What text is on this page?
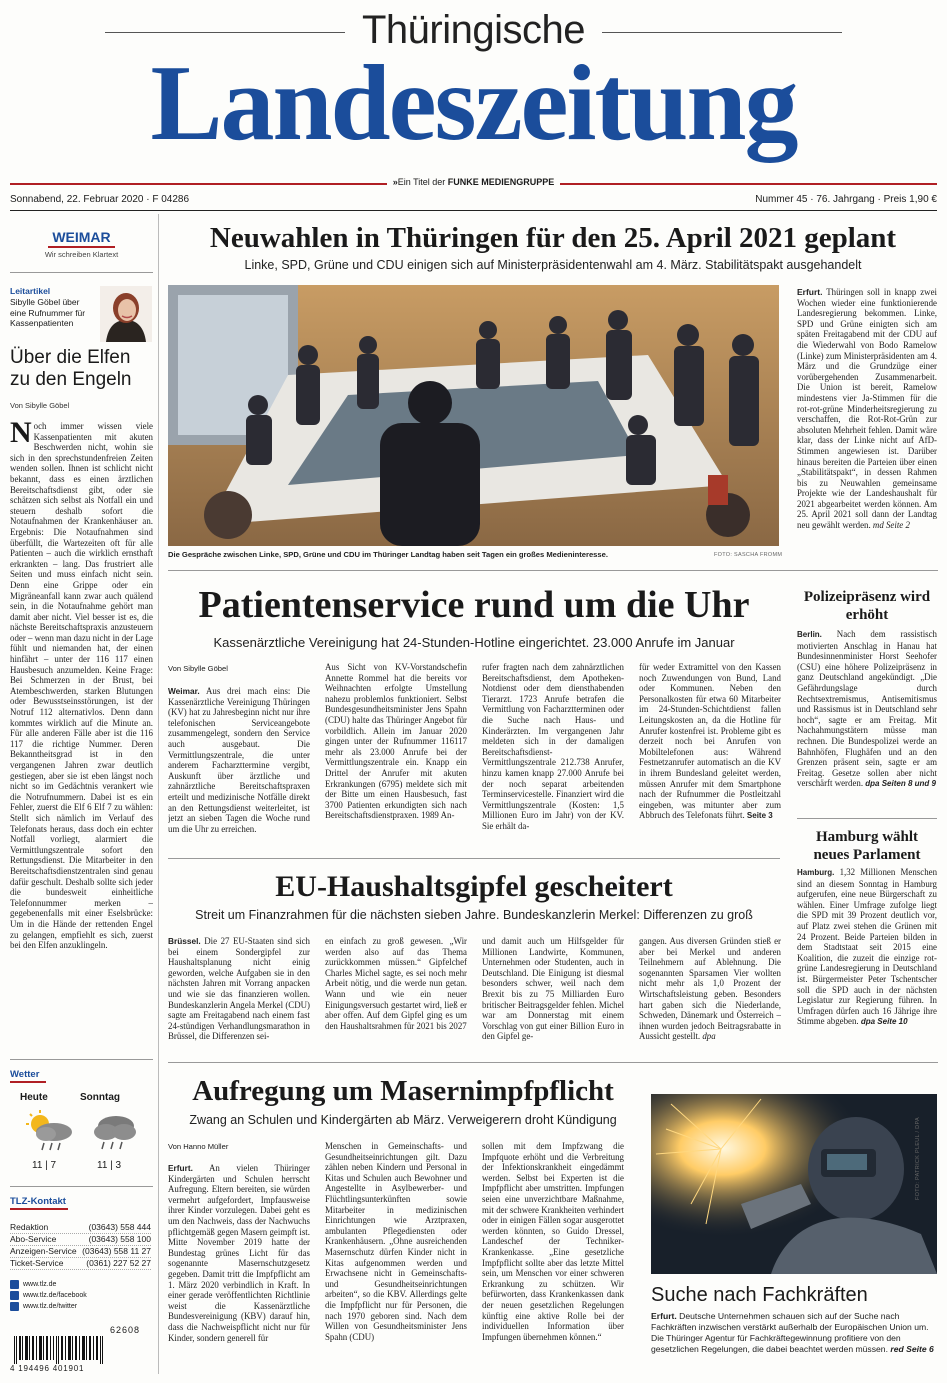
Thüringische
Landeszeitung
»Ein Titel der FUNKE MEDIENGRUPPE
Sonnabend, 22. Februar 2020 · F 04286	Nummer 45 · 76. Jahrgang · Preis 1,90 €
WEIMAR
Wir schreiben Klartext
Leitartikel
Sibylle Göbel über eine Rufnummer für Kassenpatienten
Über die Elfen zu den Engeln
Von Sibylle Göbel
N och immer wissen viele Kassenpatienten mit akuten Beschwerden nicht, wohin sie sich in den sprechstundenfreien Zeiten wenden sollen. Ihnen ist schlicht nicht bekannt, dass es einen ärztlichen Bereitschaftsdienst gibt, oder sie schätzen sich selbst als Notfall ein und steuern deshalb sofort die Notaufnahmen der Krankenhäuser an. Ergebnis: Die Notaufnahmen sind überfüllt, die Wartezeiten oft für alle Patienten – auch die wirklich ernsthaft erkrankten – lang. Das frustriert alle Seiten und muss einfach nicht sein. Denn eine Grippe oder ein Migräneanfall kann zwar auch quälend sein, in die Notaufnahme gehört man damit aber nicht. Viel besser ist es, die nächste Bereitschaftspraxis anzusteuern oder – wenn man dazu nicht in der Lage fühlt und niemanden hat, der einen hinfährt – unter der 116 117 einen Hausbesuch anzumelden. Keine Frage: Bei Schmerzen in der Brust, bei Atembeschwerden, starken Blutungen oder Bewusstseinsstörungen, ist der Notruf 112 alternativlos. Denn dann kommtes wirklich auf die Minute an. Für alle anderen Fälle aber ist die 116 117 die richtige Nummer. Deren Bekanntheitsgrad ist in den vergangenen Jahren zwar deutlich gestiegen, aber sie ist eben längst noch nicht so im Gedächtnis verankert wie die Notrufnummern. Dabei ist es ein Fehler, zuerst die Elf 6 Elf 7 zu wählen: Stellt sich nämlich im Verlauf des Telefonats heraus, dass doch ein echter Notfall vorliegt, alarmiert die Vermittlungszentrale sofort den Rettungsdienst. Die Mitarbeiter in den Bereitschaftsdienstzentralen sind genau dafür geschult. Deshalb sollte sich jeder die bundesweit einheitliche Telefonnummer merken – gegebenenfalls mit einer Eselsbrücke: Um in die Hände der rettenden Engel zu gelangen, empfiehlt es sich, zuerst bei den Elfen anzuklingeln.
Wetter
Heute	Sonntag
11 | 7	11 | 3
TLZ-Kontakt
Redaktion	(03643) 558 444
Abo-Service	(03643) 558 100
Anzeigen-Service (03643) 558 11 27
Ticket-Service	(0361) 227 52 27
www.tlz.de
www.tlz.de/facebook
www.tlz.de/twitter
62608
4 194496 401901
Neuwahlen in Thüringen für den 25. April 2021 geplant
Linke, SPD, Grüne und CDU einigen sich auf Ministerpräsidentenwahl am 4. März. Stabilitätspakt ausgehandelt
Die Gespräche zwischen Linke, SPD, Grüne und CDU im Thüringer Landtag haben seit Tagen ein großes Medieninteresse.	FOTO: SASCHA FROMM
Erfurt. Thüringen soll in knapp zwei Wochen wieder eine funktionierende Landesregierung bekommen. Linke, SPD und Grüne einigten sich am späten Freitagabend mit der CDU auf die Wiederwahl von Bodo Ramelow (Linke) zum Ministerpräsidenten am 4. März und die Grundzüge einer vorübergehenden Zusammenarbeit. Die Union ist bereit, Ramelow mindestens vier Ja-Stimmen für die rot-rot-grüne Minderheitsregierung zu verschaffen, die Rot-Rot-Grün zur absoluten Mehrheit fehlen. Damit wäre klar, dass der Linke nicht auf AfD-Stimmen angewiesen ist. Darüber hinaus bereiten die Parteien über einen „Stabilitätspakt“, in dessen Rahmen bis zu Neuwahlen gemeinsame Projekte wie der Landeshaushalt für 2021 abgearbeitet werden können. Am 25. April 2021 soll dann der Landtag neu gewählt werden. md Seite 2
Patientenservice rund um die Uhr
Kassenärztliche Vereinigung hat 24-Stunden-Hotline eingerichtet. 23.000 Anrufe im Januar
Von Sibylle Göbel
Weimar. Aus drei mach eins: Die Kassenärztliche Vereinigung Thüringen (KV) hat zu Jahresbeginn nicht nur ihre telefonischen Serviceangebote zusammengelegt, sondern den Service auch ausgebaut. Die Vermittlungszentrale, die unter anderem Facharzttermine vergibt, Auskunft über ärztliche und zahnärztliche Bereitschaftspraxen erteilt und medizinische Notfälle direkt an den Rettungsdienst weiterleitet, ist jetzt an sieben Tagen die Woche rund um die Uhr zu erreichen.
Aus Sicht von KV-Vorstandschefin Annette Rommel hat die bereits vor Weihnachten erfolgte Umstellung nahezu problemlos funktioniert. Selbst Bundesgesundheitsminister Jens Spahn (CDU) halte das Thüringer Angebot für vorbildlich. Allein im Januar 2020 gingen unter der Rufnummer 116117 mehr als 23.000 Anrufe bei der Vermittlungszentrale ein. Knapp ein Drittel der Anrufer mit akuten Erkrankungen (6795) meldete sich mit der Bitte um einen Hausbesuch, fast 3700 Patienten erkundigten sich nach Bereitschaftsdienstpraxen. 1989 An-
rufer fragten nach dem zahnärztlichen Bereitschaftsdienst, dem Apotheken-Notdienst oder dem diensthabenden Tierarzt. 1723 Anrufe betrafen die Vermittlung von Facharztterminen oder die Suche nach Haus- und Kinderärzten. Im vergangenen Jahr meldeten sich in der damaligen Bereitschaftsdienst-Vermittlungszentrale 212.738 Anrufer, hinzu kamen knapp 27.000 Anrufe bei der noch separat arbeitenden Terminservicestelle. Finanziert wird die Vermittlungszentrale (Kosten: 1,5 Millionen Euro im Jahr) von der KV. Sie erhält da-
für weder Extramittel von den Kassen noch Zuwendungen von Bund, Land oder Kommunen. Neben den Personalkosten für etwa 60 Mitarbeiter im 24-Stunden-Schichtdienst fallen Leitungskosten an, da die Hotline für Anrufer kostenfrei ist. Probleme gibt es derzeit noch bei Anrufen von Mobiltelefonen aus: Während Festnetzanrufer automatisch an die KV in ihrem Bundesland geleitet werden, müssen Anrufer mit dem Smartphone nach der Rufnummer die Postleitzahl eingeben, was mitunter aber zum Abbruch des Telefonats führt. Seite 3
Polizeipräsenz wird erhöht
Berlin. Nach dem rassistisch motivierten Anschlag in Hanau hat Bundesinnenminister Horst Seehofer (CSU) eine höhere Polizeipräsenz in ganz Deutschland angekündigt. „Die Gefährdungslage durch Rechtsextremismus, Antisemitismus und Rassismus ist in Deutschland sehr hoch“, sagte er am Freitag. Mit Nachahmungstätern müsse man rechnen. Die Bundespolizei werde an Bahnhöfen, Flughäfen und an den Grenzen präsent sein, sagte er am Freitag. Gesetze sollen aber nicht verschärft werden. dpa Seiten 8 und 9
Hamburg wählt neues Parlament
Hamburg. 1,32 Millionen Menschen sind an diesem Sonntag in Hamburg aufgerufen, eine neue Bürgerschaft zu wählen. Einer Umfrage zufolge liegt die SPD mit 39 Prozent deutlich vor, auf Platz zwei stehen die Grünen mit 24 Prozent. Beide Parteien bilden in dem Stadtstaat seit 2015 eine Koalition, die zuzeit die einzige rot-grüne Landesregierung in Deutschland ist. Bürgermeister Peter Tschentscher soll die SPD auch in der nächsten Legislatur zur Regierung führen. In Umfragen dürfen auch 16 Jährige ihre Stimme abgeben. dpa Seite 10
EU-Haushaltsgipfel gescheitert
Streit um Finanzrahmen für die nächsten sieben Jahre. Bundeskanzlerin Merkel: Differenzen zu groß
Brüssel. Die 27 EU-Staaten sind sich bei einem Sondergipfel zur Haushaltsplanung nicht einig geworden, welche Aufgaben sie in den nächsten Jahren mit Vorrang anpacken und wie sie das finanzieren wollen. Bundeskanzlerin Angela Merkel (CDU) sagte am Freitagabend nach einem fast 24-stündigen Verhandlungsmarathon in Brüssel, die Differenzen sei-
en einfach zu groß gewesen. „Wir werden also auf das Thema zurückkommen müssen.“ Gipfelchef Charles Michel sagte, es sei noch mehr Arbeit nötig, und die werde nun getan. Wann und wie ein neuer Einigungsversuch gestartet wird, ließ er aber offen. Auf dem Gipfel ging es um den Haushaltsrahmen für 2021 bis 2027
und damit auch um Hilfsgelder für Millionen Landwirte, Kommunen, Unternehmen oder Studenten, auch in Deutschland. Die Einigung ist diesmal besonders schwer, weil nach dem Brexit bis zu 75 Milliarden Euro britischer Beitragsgelder fehlen. Michel war am Donnerstag mit einem Vorschlag von gut einer Billion Euro in den Gipfel ge-
gangen. Aus diversen Gründen stieß er aber bei Merkel und anderen Teilnehmern auf Ablehnung. Die sogenannten Sparsamen Vier wollten nicht mehr als 1,0 Prozent der Wirtschaftsleistung geben. Besonders hart gaben sich die Niederlande, Schweden, Dänemark und Österreich – ihnen wurden jedoch Beitragsrabatte in Aussicht gestellt. dpa
Aufregung um Masernimpfpflicht
Zwang an Schulen und Kindergärten ab März. Verweigerern droht Kündigung
Von Hanno Müller
Erfurt. An vielen Thüringer Kindergärten und Schulen herrscht Aufregung. Eltern bereiten, sie würden vermehrt aufgefordert, Impfausweise ihrer Kinder vorzulegen. Dabei geht es um den Nachweis, dass der Nachwuchs pflichtgemäß gegen Masern geimpft ist. Mitte November 2019 hatte der Bundestag grünes Licht für das sogenannte Masernschutzgesetz gegeben. Damit tritt die Impfpflicht am 1. März 2020 verbindlich in Kraft. In einer gerade veröffentlichten Richtlinie weist die Kassenärztliche Bundesvereinigung (KBV) darauf hin, dass die Nachweispflicht nicht nur für Kinder, sondern generell für
Menschen in Gemeinschafts- und Gesundheitseinrichtungen gilt. Dazu zählen neben Kindern und Personal in Kitas und Schulen auch Bewohner und Angestellte in Asylbewerber- und Flüchtlingsunterkünften sowie Mitarbeiter in medizinischen Einrichtungen wie Arztpraxen, ambulanten Pflegediensten oder Krankenhäusern. „Ohne ausreichenden Masernschutz dürfen Kinder nicht in Kitas aufgenommen werden und Erwachsene nicht in Gemeinschafts- und Gesundheitseinrichtungen arbeiten“, so die KBV. Allerdings gelte die Impfpflicht nur für Personen, die nach 1970 geboren sind. Nach dem Willen von Gesundheitsminister Jens Spahn (CDU)
sollen mit dem Impfzwang die Impfquote erhöht und die Verbreitung der Infektionskrankheit eingedämmt werden. Selbst bei Experten ist die Impfpflicht aber umstritten. Impfungen seien eine unverzichtbare Maßnahme, mit der schwere Krankheiten verhindert oder in einigen Fällen sogar ausgerottet werden könnten, so Guido Dressel, Landeschef der Techniker-Krankenkasse. „Eine gesetzliche Impfpflicht sollte aber das letzte Mittel sein, um Menschen vor einer schweren Erkrankung zu schützen. Wir befürworten, dass Krankenkassen dank der neuen gesetzlichen Regelungen künftig eine aktive Rolle bei der individuellen Information über Impfungen übernehmen können.“
FOTO: PATRICK PLEUL / DPA
Suche nach Fachkräften
Erfurt. Deutsche Unternehmen schauen sich auf der Suche nach Fachkräften inzwischen verstärkt außerhalb der Europäischen Union um. Die Thüringer Agentur für Fachkräftegewinnung profitiere von den gesetzlichen Regelungen, die dabei beachtet werden müssen. red Seite 6
